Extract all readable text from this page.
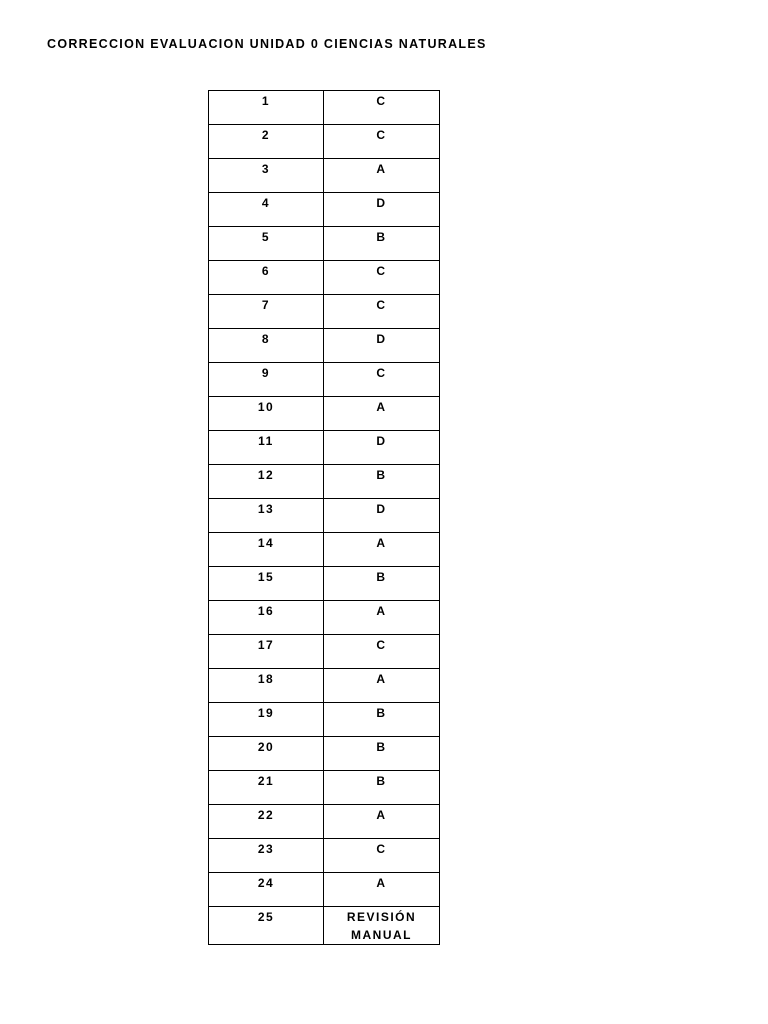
CORRECCION EVALUACION UNIDAD 0 CIENCIAS NATURALES
1	C
2	C
3	A
4	D
5	B
6	C
7	C
8	D
9	C
10	A
11	D
12	B
13	D
14	A
15	B
16	A
17	C
18	A
19	B
20	B
21	B
22	A
23	C
24	A
25	REVISIÓN MANUAL
